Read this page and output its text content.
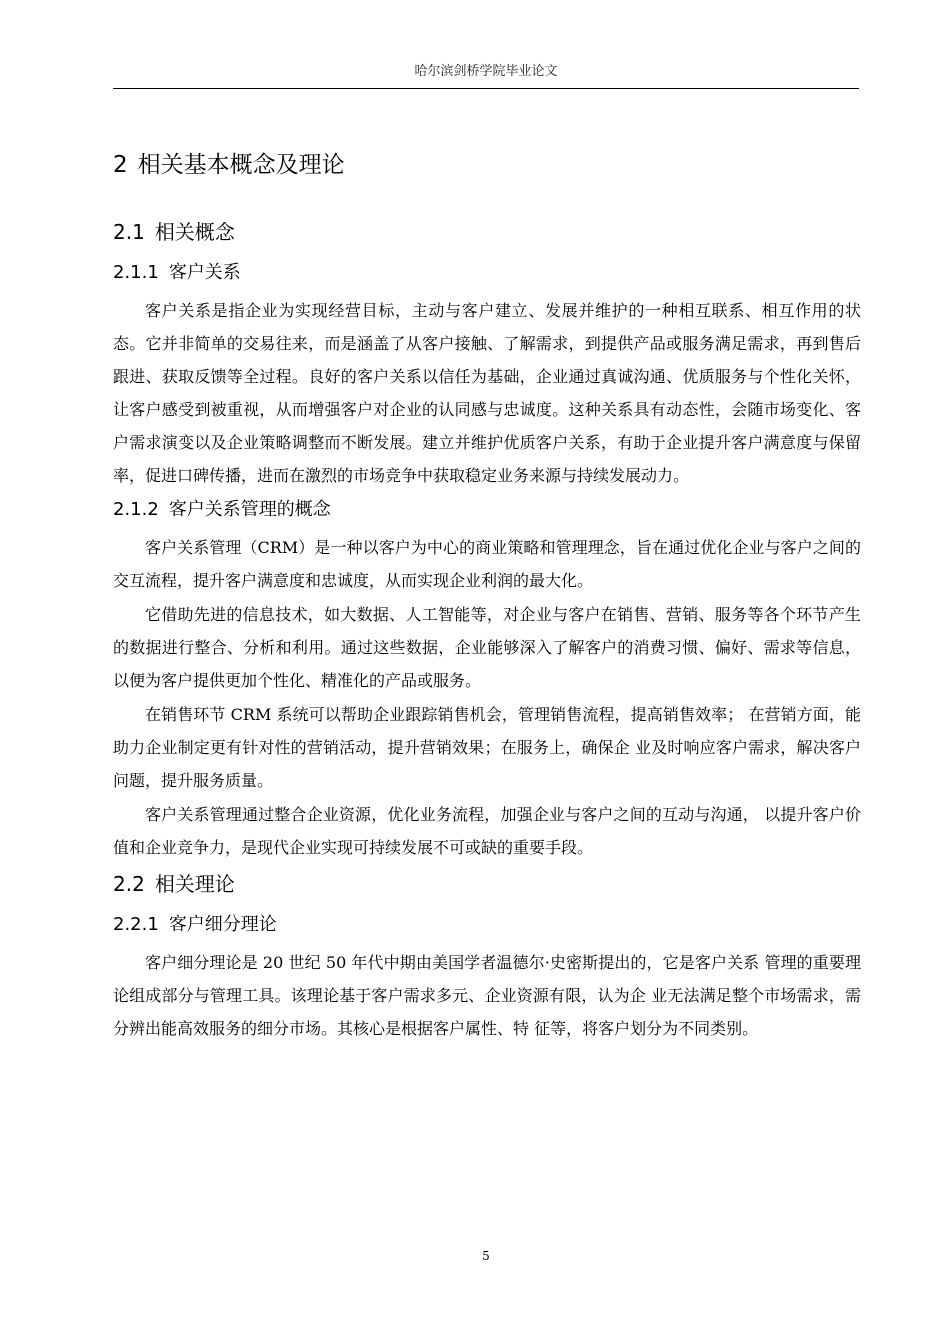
哈尔滨剑桥学院毕业论文
2 相关基本概念及理论
2.1 相关概念
2.1.1 客户关系

客户关系是指企业为实现经营目标，主动与客户建立、发展并维护的一种相互联系、相互作用的状态。它并非简单的交易往来，而是涵盖了从客户接触、了解需求，到提供产品或服务满足需求，再到售后跟进、获取反馈等全过程。良好的客户关系以信任为基础，企业通过真诚沟通、优质服务与个性化关怀，让客户感受到被重视，从而增强客户对企业的认同感与忠诚度。这种关系具有动态性，会随市场变化、客户需求演变以及企业策略调整而不断发展。建立并维护优质客户关系，有助于企业提升客户满意度与保留率，促进口碑传播，进而在激烈的市场竞争中获取稳定业务来源与持续发展动力。

2.1.2 客户关系管理的概念

客户关系管理（CRM）是一种以客户为中心的商业策略和管理理念，旨在通过优化企业与客户之间的交互流程，提升客户满意度和忠诚度，从而实现企业利润的最大化。

它借助先进的信息技术，如大数据、人工智能等，对企业与客户在销售、营销、服务等各个环节产生的数据进行整合、分析和利用。通过这些数据，企业能够深入了解客户的消费习惯、偏好、需求等信息，以便为客户提供更加个性化、精准化的产品或服务。

在销售环节 CRM 系统可以帮助企业跟踪销售机会，管理销售流程，提高销售效率； 在营销方面，能助力企业制定更有针对性的营销活动，提升营销效果；在服务上，确保企 业及时响应客户需求，解决客户问题，提升服务质量。

客户关系管理通过整合企业资源，优化业务流程，加强企业与客户之间的互动与沟通， 以提升客户价值和企业竞争力，是现代企业实现可持续发展不可或缺的重要手段。

2.2 相关理论
2.2.1 客户细分理论

客户细分理论是 20 世纪 50 年代中期由美国学者温德尔·史密斯提出的，它是客户关系 管理的重要理论组成部分与管理工具。该理论基于客户需求多元、企业资源有限，认为企 业无法满足整个市场需求，需分辨出能高效服务的细分市场。其核心是根据客户属性、特 征等，将客户划分为不同类别。

5
